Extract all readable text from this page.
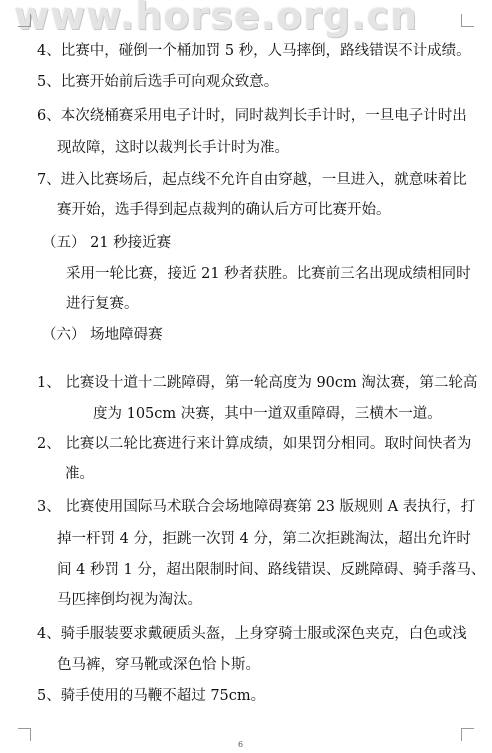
www.horse.org.cn
4、比赛中，碰倒一个桶加罚 5 秒，人马摔倒，路线错误不计成绩。
5、比赛开始前后选手可向观众致意。
6、本次绕桶赛采用电子计时，同时裁判长手计时，一旦电子计时出
现故障，这时以裁判长手计时为准。
7、进入比赛场后，起点线不允许自由穿越，一旦进入，就意味着比
赛开始，选手得到起点裁判的确认后方可比赛开始。
（五） 21 秒接近赛
采用一轮比赛，接近 21 秒者获胜。比赛前三名出现成绩相同时
进行复赛。
（六） 场地障碍赛
1、 比赛设十道十二跳障碍，第一轮高度为 90cm 淘汰赛，第二轮高
度为 105cm 决赛，其中一道双重障碍，三横木一道。
2、 比赛以二轮比赛进行来计算成绩，如果罚分相同。取时间快者为
准。
3、 比赛使用国际马术联合会场地障碍赛第 23 版规则 A 表执行，打
掉一杆罚 4 分，拒跳一次罚 4 分，第二次拒跳淘汰，超出允许时
间 4 秒罚 1 分，超出限制时间、路线错误、反跳障碍、骑手落马、
马匹摔倒均视为淘汰。
4、骑手服装要求戴硬质头盔，上身穿骑士服或深色夹克，白色或浅
色马裤，穿马靴或深色恰卜斯。
5、骑手使用的马鞭不超过 75cm。
6
